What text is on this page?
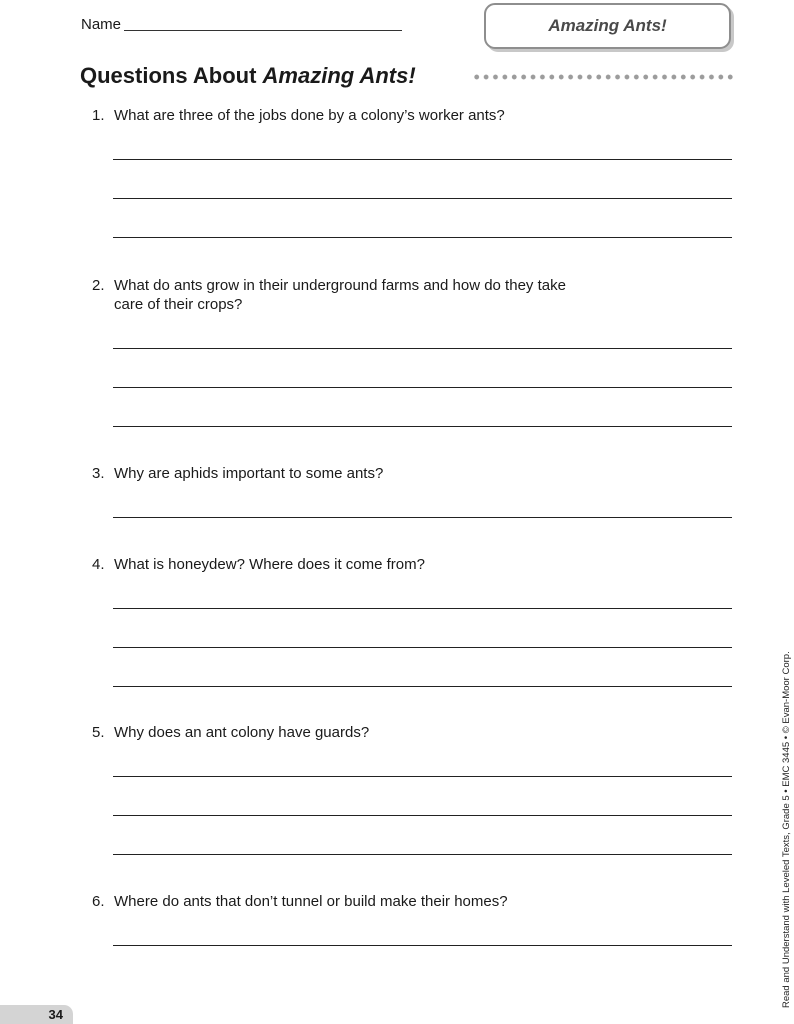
Name	Amazing Ants!
Questions About Amazing Ants!
1. What are three of the jobs done by a colony’s worker ants?
2. What do ants grow in their underground farms and how do they take care of their crops?
3. Why are aphids important to some ants?
4. What is honeydew? Where does it come from?
5. Why does an ant colony have guards?
6. Where do ants that don’t tunnel or build make their homes?	Read and Understand with Leveled Texts, Grade 5 • EMC 3445 • © Evan-Moor Corp.
34
